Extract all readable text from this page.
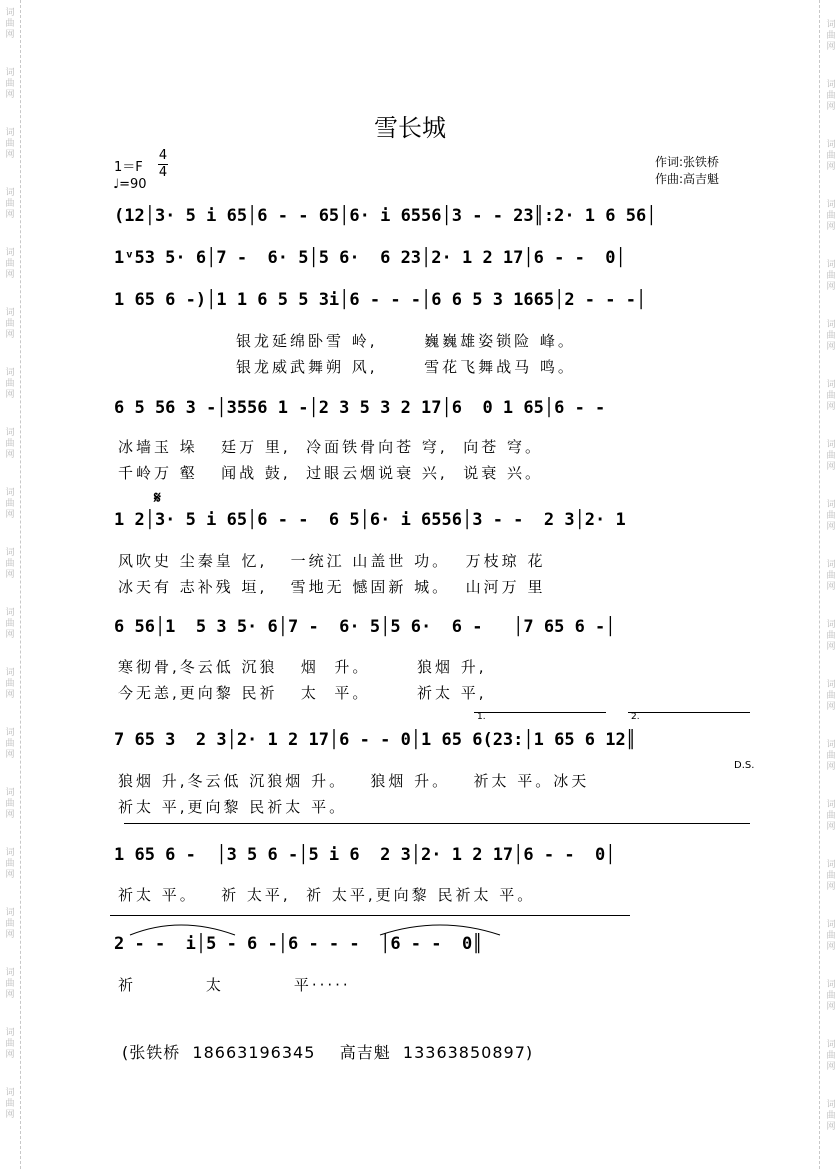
词曲网
词曲网
词曲网
词曲网
词曲网
词曲网
词曲网
词曲网
词曲网
词曲网
词曲网
词曲网
词曲网
词曲网
词曲网
词曲网
词曲网
词曲网
词曲网
词曲网
词曲网
词曲网
词曲网
词曲网
词曲网
词曲网
词曲网
词曲网
词曲网
词曲网
词曲网
词曲网
词曲网
词曲网
词曲网
词曲网
词曲网
词曲网
雪长城
1＝F
4
4
♩=90
作词:张铁桥
作曲:高吉魁
(12│3· 5 i 65│6 - - 65│6· i 6556│3 - - 23║:2· 1 6 56│
1ᵛ53 5· 6│7 -  6· 5│5 6·  6 23│2· 1 2 17│6 - -  0│
1 65 6 -)│1 1 6 5 5 3i│6 - - -│6 6 5 3 1665│2 - - -│
银龙延绵卧雪 岭,      巍巍雄姿锁险 峰。
银龙威武舞朔 风,      雪花飞舞战马 鸣。
6 5 56 3 -│3556 1 -│2 3 5 3 2 17│6  0 1 65│6 - -
冰墙玉 垛   廷万 里,  冷面铁骨向苍 穹,  向苍 穹。
千岭万 壑   闻战 鼓,  过眼云烟说衰 兴,  说衰 兴。
𝄋
1 2│3· 5 i 65│6 - -  6 5│6· i 6556│3 - -  2 3│2· 1
风吹史 尘秦皇 忆,   一统江 山盖世 功。  万枝琼 花
冰天有 志补残 垣,   雪地无 憾固新 城。  山河万 里
6 56│1  5 3 5· 6│7 -  6· 5│5 6·  6 -   │7 65 6 -│
寒彻骨,冬云低 沉狼   烟  升。      狼烟 升,
今无恙,更向黎 民祈   太  平。      祈太 平,
1.	2.
7 65 3  2 3│2· 1 2 17│6 - - 0│1 65 6(23:│1 65 6 12║
D.S.
狼烟 升,冬云低 沉狼烟 升。   狼烟 升。   祈太 平。冰天
祈太 平,更向黎 民祈太 平。
1 65 6 -  │3 5 6 -│5 i 6  2 3│2· 1 2 17│6 - -  0│
祈太 平。   祈 太平,  祈 太平,更向黎 民祈太 平。
2 - -  i│5 - 6 -│6 - - -  │6 - -  0║
祈         太         平·····
(张铁桥  18663196345    高吉魁  13363850897)
